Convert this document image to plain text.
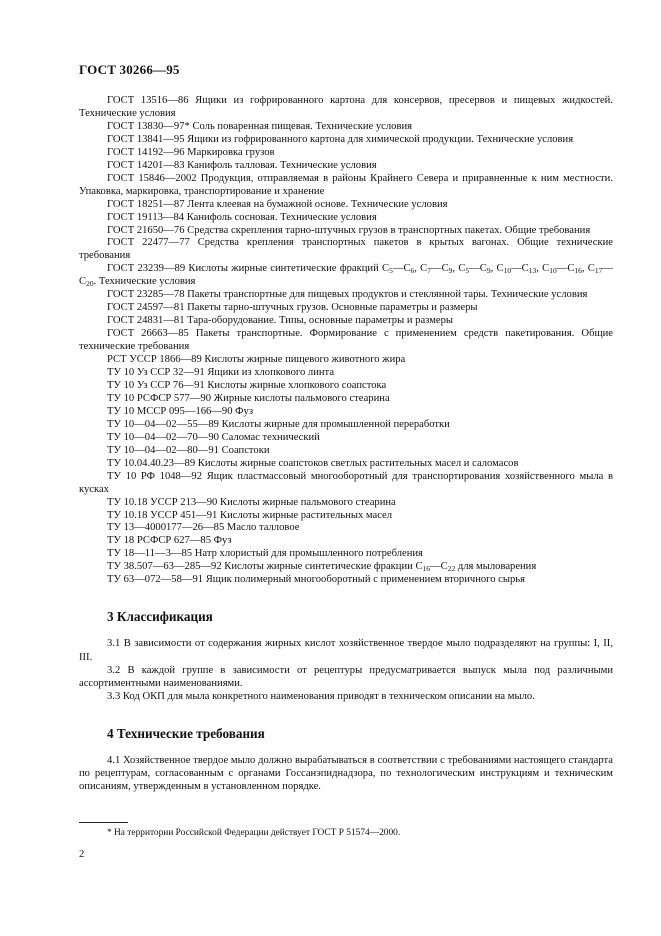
ГОСТ 30266—95

ГОСТ 13516—86 Ящики из гофрированного картона для консервов, пресервов и пищевых жидкостей. Технические условия

ГОСТ 13830—97* Соль поваренная пищевая. Технические условия

ГОСТ 13841—95 Ящики из гофрированного картона для химической продукции. Технические условия

ГОСТ 14192—96 Маркировка грузов

ГОСТ 14201—83 Канифоль талловая. Технические условия

ГОСТ 15846—2002 Продукция, отправляемая в районы Крайнего Севера и приравненные к ним местности. Упаковка, маркировка, транспортирование и хранение

ГОСТ 18251—87 Лента клеевая на бумажной основе. Технические условия

ГОСТ 19113—84 Канифоль сосновая. Технические условия

ГОСТ 21650—76 Средства скрепления тарно-штучных грузов в транспортных пакетах. Общие требования

ГОСТ 22477—77 Средства крепления транспортных пакетов в крытых вагонах. Общие технические требования

ГОСТ 23239—89 Кислоты жирные синтетические фракций $C_5—C_6$, $C_7—C_9$, $C_5—C_9$, $C_{10}—C_{13}$, $C_{10}—C_{16}$, $C_{17}—C_{20}$. Технические условия

ГОСТ 23285—78 Пакеты транспортные для пищевых продуктов и стеклянной тары. Технические условия

ГОСТ 24597—81 Пакеты тарно-штучных грузов. Основные параметры и размеры

ГОСТ 24831—81 Тара-оборудование. Типы, основные параметры и размеры

ГОСТ 26663—85 Пакеты транспортные. Формирование с применением средств пакетирования. Общие технические требования

РСТ УССР 1866—89 Кислоты жирные пищевого животного жира

ТУ 10 Уз ССР 32—91 Ящики из хлопкового линта

ТУ 10 Уз ССР 76—91 Кислоты жирные хлопкового соапстока

ТУ 10 РСФСР 577—90 Жирные кислоты пальмового стеарина

ТУ 10 МССР 095—166—90 Фуз

ТУ 10—04—02—55—89 Кислоты жирные для промышленной переработки

ТУ 10—04—02—70—90 Саломас технический

ТУ 10—04—02—80—91 Соапстоки

ТУ 10.04.40.23—89 Кислоты жирные соапстоков светлых растительных масел и саломасов

ТУ 10 РФ 1048—92 Ящик пластмассовый многооборотный для транспортирования хозяйственного мыла в кусках

ТУ 10.18 УССР 213—90 Кислоты жирные пальмового стеарина

ТУ 10.18 УССР 451—91 Кислоты жирные растительных масел

ТУ 13—4000177—26—85 Масло талловое

ТУ 18 РСФСР 627—85 Фуз

ТУ 18—11—3—85 Натр хлористый для промышленного потребления

ТУ 38.507—63—285—92 Кислоты жирные синтетические фракции $C_{16}—C_{22}$ для мыловарения

ТУ 63—072—58—91 Ящик полимерный многооборотный с применением вторичного сырья

3 Классификация

3.1 В зависимости от содержания жирных кислот хозяйственное твердое мыло подразделяют на группы: I, II, III.

3.2 В каждой группе в зависимости от рецептуры предусматривается выпуск мыла под различными ассортиментными наименованиями.

3.3 Код ОКП для мыла конкретного наименования приводят в техническом описании на мыло.

4 Технические требования

4.1 Хозяйственное твердое мыло должно вырабатываться в соответствии с требованиями настоящего стандарта по рецептурам, согласованным с органами Госсанэпиднадзора, по технологическим инструкциям и техническим описаниям, утвержденным в установленном порядке.

* На территории Российской Федерации действует ГОСТ Р 51574—2000.
2
